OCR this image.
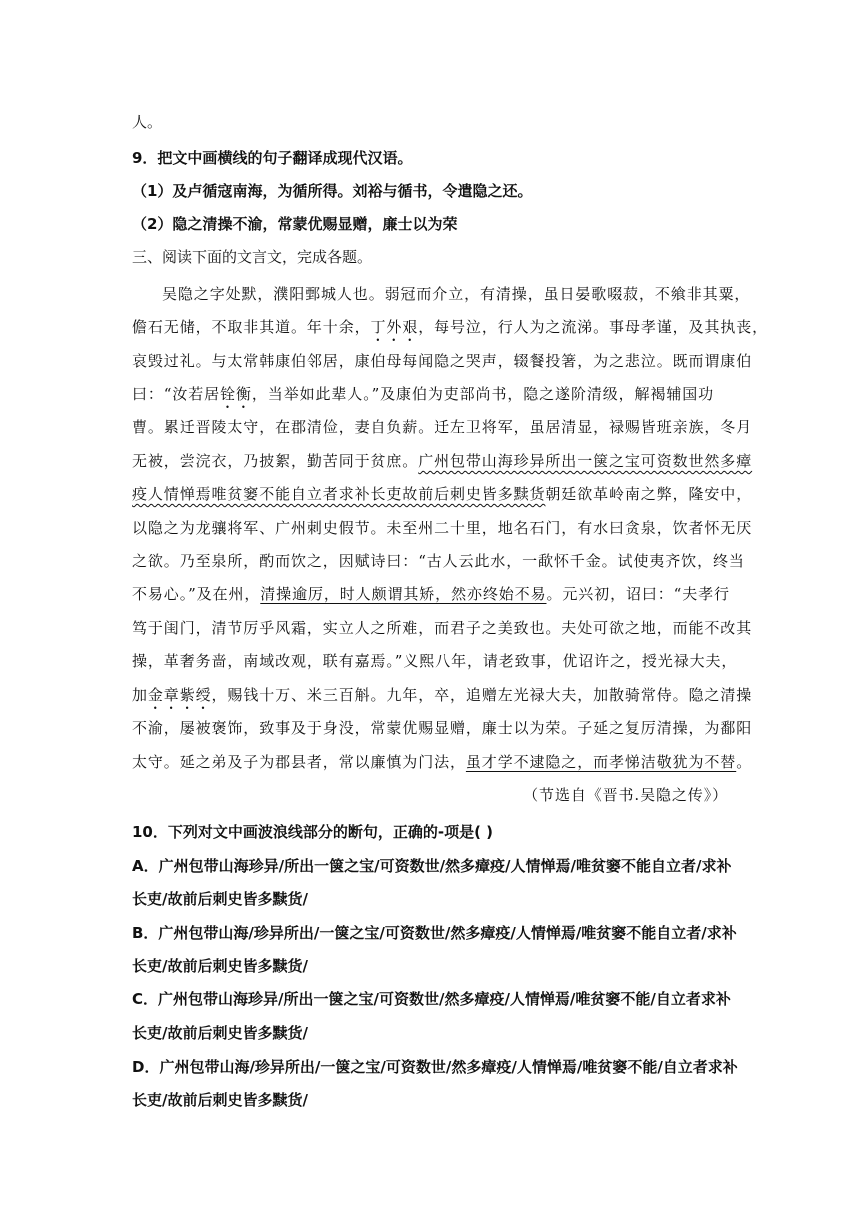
人。
9．把文中画横线的句子翻译成现代汉语。
（1）及卢循寇南海，为循所得。刘裕与循书，令遣隐之还。
（2）隐之清操不渝，常蒙优赐显赠，廉士以为荣
三、阅读下面的文言文，完成各题。
吴隐之字处默，濮阳鄄城人也。弱冠而介立，有清操，虽日晏歌啜菽，不飨非其粟，
儋石无储，不取非其道。年十余，丁外艰，每号泣，行人为之流涕。事母孝谨，及其执丧，
哀毁过礼。与太常韩康伯邻居，康伯母每闻隐之哭声，辍餐投箸，为之悲泣。既而谓康伯
曰：“汝若居铨衡，当举如此辈人。”及康伯为吏部尚书，隐之遂阶清级，解褐辅国功
曹。累迁晋陵太守，在郡清俭，妻自负薪。迁左卫将军，虽居清显，禄赐皆班亲族，冬月
无被，尝浣衣，乃披絮，勤苦同于贫庶。广州包带山海珍异所出一箧之宝可资数世然多瘴
疫人情惮焉唯贫窭不能自立者求补长吏故前后刺史皆多黩货朝廷欲革岭南之弊，隆安中，
以隐之为龙骧将军、广州刺史假节。未至州二十里，地名石门，有水曰贪泉，饮者怀无厌
之欲。乃至泉所，酌而饮之，因赋诗曰：“古人云此水，一歃怀千金。试使夷齐饮，终当
不易心。”及在州，清操逾厉，时人颇谓其矫，然亦终始不易。元兴初，诏曰：“夫孝行
笃于闺门，清节厉乎风霜，实立人之所难，而君子之美致也。夫处可欲之地，而能不改其
操，革奢务啬，南域改观，联有嘉焉。”义熙八年，请老致事，优诏许之，授光禄大夫，
加金章紫绶，赐钱十万、米三百斛。九年，卒，追赠左光禄大夫，加散骑常侍。隐之清操
不渝，屡被褒饰，致事及于身没，常蒙优赐显赠，廉士以为荣。子延之复厉清操，为鄱阳
太守。延之弟及子为郡县者，常以廉慎为门法，虽才学不逮隐之，而孝悌洁敬犹为不替。
（节选自《晋书.吴隐之传》）
10．下列对文中画波浪线部分的断句，正确的-项是( )
A．广州包带山海珍异/所出一箧之宝/可资数世/然多瘴疫/人情惮焉/唯贫窭不能自立者/求补
长吏/故前后刺史皆多黩货/
B．广州包带山海/珍异所出/一箧之宝/可资数世/然多瘴疫/人情惮焉/唯贫窭不能自立者/求补
长吏/故前后刺史皆多黩货/
C．广州包带山海珍异/所出一箧之宝/可资数世/然多瘴疫/人情惮焉/唯贫窭不能/自立者求补
长吏/故前后刺史皆多黩货/
D．广州包带山海/珍异所出/一箧之宝/可资数世/然多瘴疫/人情惮焉/唯贫窭不能/自立者求补
长吏/故前后刺史皆多黩货/
